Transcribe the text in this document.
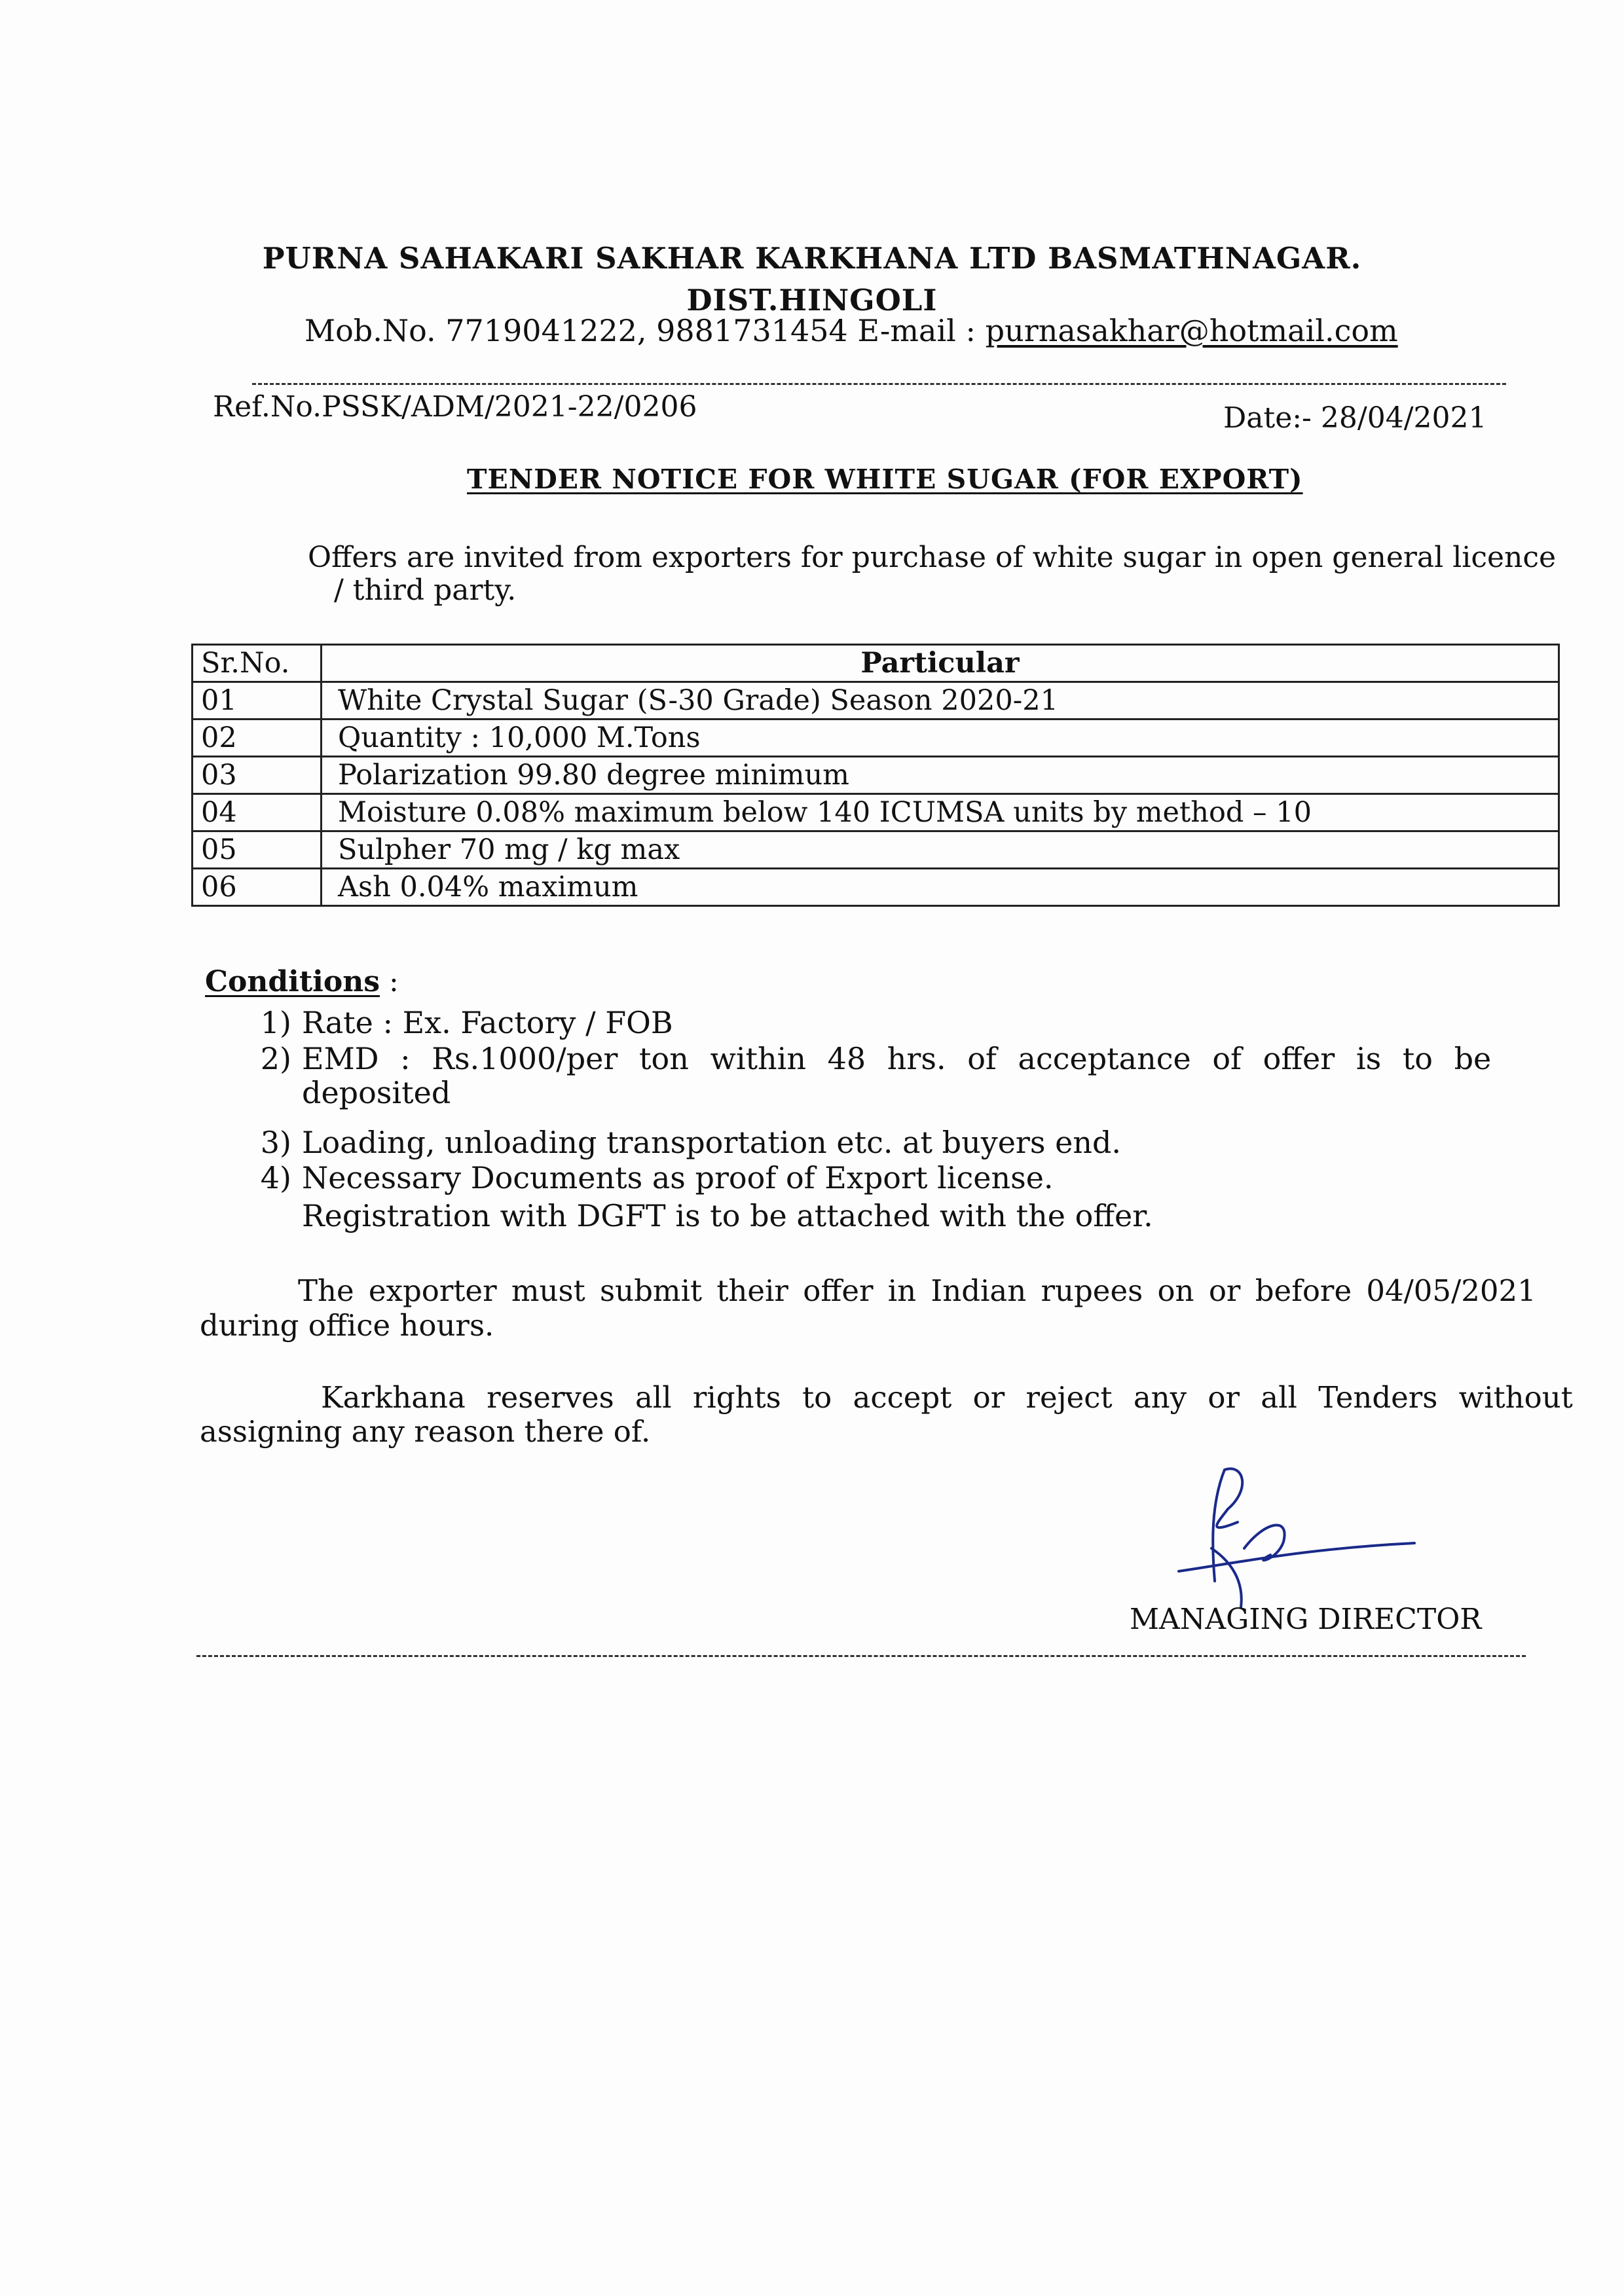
PURNA SAHAKARI SAKHAR KARKHANA LTD BASMATHNAGAR.
DIST.HINGOLI
Mob.No. 7719041222, 9881731454 E-mail : purnasakhar@hotmail.com
Ref.No.PSSK/ADM/2021-22/0206	Date:- 28/04/2021
TENDER NOTICE FOR WHITE SUGAR (FOR EXPORT)
Offers are invited from exporters for purchase of white sugar in open general licence
/ third party.
Sr.No.	Particular
01	White Crystal Sugar (S-30 Grade) Season 2020-21
02	Quantity : 10,000 M.Tons
03	Polarization 99.80 degree minimum
04	Moisture 0.08% maximum below 140 ICUMSA units by method – 10
05	Sulpher 70 mg / kg max
06	Ash 0.04% maximum
Conditions :
1) Rate : Ex. Factory / FOB
2) EMD : Rs.1000/per ton within 48 hrs. of acceptance of offer is to be
deposited
3) Loading, unloading transportation etc. at buyers end.
4) Necessary Documents as proof of Export license.
Registration with DGFT is to be attached with the offer.
The exporter must submit their offer in Indian rupees on or before 04/05/2021
during office hours.
Karkhana reserves all rights to accept or reject any or all Tenders without
assigning any reason there of.
MANAGING DIRECTOR
